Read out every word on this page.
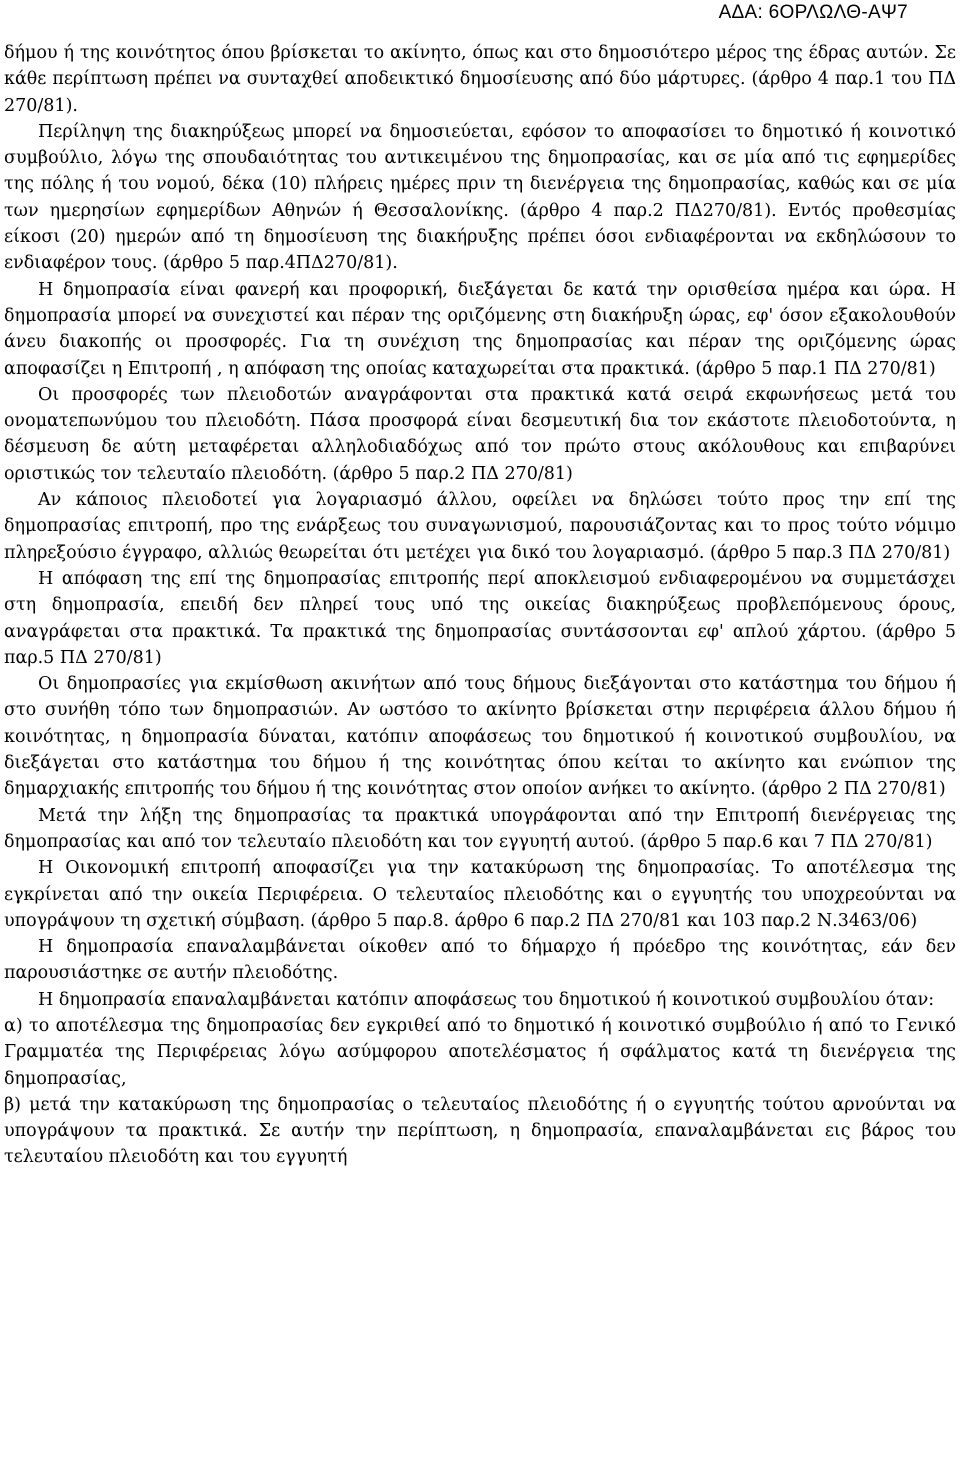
ΑΔΑ: 6ΟΡΛΩΛΘ-ΑΨ7

δήμου ή της κοινότητος όπου βρίσκεται το ακίνητο, όπως και στο δημοσιότερο μέρος της έδρας αυτών. Σε κάθε περίπτωση πρέπει να συνταχθεί αποδεικτικό δημοσίευσης από δύο μάρτυρες. (άρθρο 4 παρ.1 του ΠΔ 270/81).

Περίληψη της διακηρύξεως μπορεί να δημοσιεύεται, εφόσον το αποφασίσει το δημοτικό ή κοινοτικό συμβούλιο, λόγω της σπουδαιότητας του αντικειμένου της δημοπρασίας, και σε μία από τις εφημερίδες της πόλης ή του νομού, δέκα (10) πλήρεις ημέρες πριν τη διενέργεια της δημοπρασίας, καθώς και σε μία των ημερησίων εφημερίδων Αθηνών ή Θεσσαλονίκης. (άρθρο 4 παρ.2 ΠΔ270/81). Εντός προθεσμίας είκοσι (20) ημερών από τη δημοσίευση της διακήρυξης πρέπει όσοι ενδιαφέρονται να εκδηλώσουν το ενδιαφέρον τους. (άρθρο 5 παρ.4ΠΔ270/81).

Η δημοπρασία είναι φανερή και προφορική, διεξάγεται δε κατά την ορισθείσα ημέρα και ώρα. Η δημοπρασία μπορεί να συνεχιστεί και πέραν της οριζόμενης στη διακήρυξη ώρας, εφ' όσον εξακολουθούν άνευ διακοπής οι προσφορές. Για τη συνέχιση της δημοπρασίας και πέραν της οριζόμενης ώρας αποφασίζει η Επιτροπή , η απόφαση της οποίας καταχωρείται στα πρακτικά. (άρθρο 5 παρ.1 ΠΔ 270/81)

Οι προσφορές των πλειοδοτών αναγράφονται στα πρακτικά κατά σειρά εκφωνήσεως μετά του ονοματεπωνύμου του πλειοδότη. Πάσα προσφορά είναι δεσμευτική δια τον εκάστοτε πλειοδοτούντα, η δέσμευση δε αύτη μεταφέρεται αλληλοδιαδόχως από τον πρώτο στους ακόλουθους και επιβαρύνει οριστικώς τον τελευταίο πλειοδότη. (άρθρο 5 παρ.2 ΠΔ 270/81)

Αν κάποιος πλειοδοτεί για λογαριασμό άλλου, οφείλει να δηλώσει τούτο προς την επί της δημοπρασίας επιτροπή, προ της ενάρξεως του συναγωνισμού, παρουσιάζοντας και το προς τούτο νόμιμο πληρεξούσιο έγγραφο, αλλιώς θεωρείται ότι μετέχει για δικό του λογαριασμό. (άρθρο 5 παρ.3 ΠΔ 270/81)

Η απόφαση της επί της δημοπρασίας επιτροπής περί αποκλεισμού ενδιαφερομένου να συμμετάσχει στη δημοπρασία, επειδή δεν πληρεί τους υπό της οικείας διακηρύξεως προβλεπόμενους όρους, αναγράφεται στα πρακτικά. Τα πρακτικά της δημοπρασίας συντάσσονται εφ' απλού χάρτου. (άρθρο 5 παρ.5 ΠΔ 270/81)

Οι δημοπρασίες για εκμίσθωση ακινήτων από τους δήμους διεξάγονται στο κατάστημα του δήμου ή στο συνήθη τόπο των δημοπρασιών. Αν ωστόσο το ακίνητο βρίσκεται στην περιφέρεια άλλου δήμου ή κοινότητας, η δημοπρασία δύναται, κατόπιν αποφάσεως του δημοτικού ή κοινοτικού συμβουλίου, να διεξάγεται στο κατάστημα του δήμου ή της κοινότητας όπου κείται το ακίνητο και ενώπιον της δημαρχιακής επιτροπής του δήμου ή της κοινότητας στον οποίον ανήκει το ακίνητο. (άρθρο 2 ΠΔ 270/81)

Μετά την λήξη της δημοπρασίας τα πρακτικά υπογράφονται από την Επιτροπή διενέργειας της δημοπρασίας και από τον τελευταίο πλειοδότη και τον εγγυητή αυτού. (άρθρο 5 παρ.6 και 7 ΠΔ 270/81)

Η Οικονομική επιτροπή αποφασίζει για την κατακύρωση της δημοπρασίας. Το αποτέλεσμα της εγκρίνεται από την οικεία Περιφέρεια. Ο τελευταίος πλειοδότης και ο εγγυητής του υποχρεούνται να υπογράψουν τη σχετική σύμβαση. (άρθρο 5 παρ.8. άρθρο 6 παρ.2 ΠΔ 270/81 και 103 παρ.2 Ν.3463/06)

Η δημοπρασία επαναλαμβάνεται οίκοθεν από το δήμαρχο ή πρόεδρο της κοινότητας, εάν δεν παρουσιάστηκε σε αυτήν πλειοδότης.

Η δημοπρασία επαναλαμβάνεται κατόπιν αποφάσεως του δημοτικού ή κοινοτικού συμβουλίου όταν:

α) το αποτέλεσμα της δημοπρασίας δεν εγκριθεί από το δημοτικό ή κοινοτικό συμβούλιο ή από το Γενικό Γραμματέα της Περιφέρειας λόγω ασύμφορου αποτελέσματος ή σφάλματος κατά τη διενέργεια της δημοπρασίας,

β) μετά την κατακύρωση της δημοπρασίας ο τελευταίος πλειοδότης ή ο εγγυητής τούτου αρνούνται να υπογράψουν τα πρακτικά. Σε αυτήν την περίπτωση, η δημοπρασία, επαναλαμβάνεται εις βάρος του τελευταίου πλειοδότη και του εγγυητή
